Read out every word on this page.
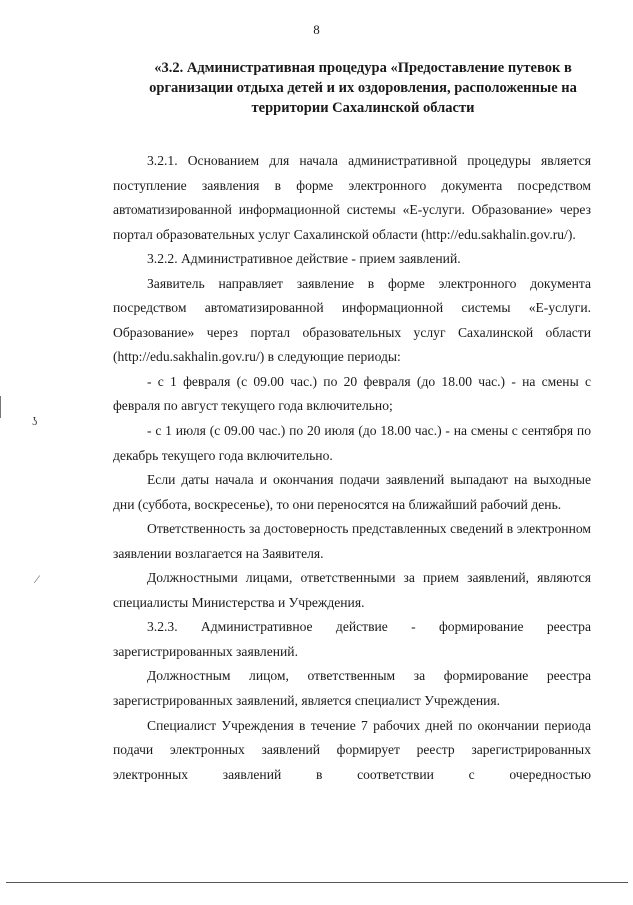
8
«3.2. Административная процедура «Предоставление путевок в организации отдыха детей и их оздоровления, расположенные на территории Сахалинской области

3.2.1. Основанием для начала административной процедуры является поступление заявления в форме электронного документа посредством автоматизированной информационной системы «Е-услуги. Образование» через портал образовательных услуг Сахалинской области (http://edu.sakhalin.gov.ru/).

3.2.2. Административное действие - прием заявлений.

Заявитель направляет заявление в форме электронного документа посредством автоматизированной информационной системы «Е-услуги. Образование» через портал образовательных услуг Сахалинской области (http://edu.sakhalin.gov.ru/) в следующие периоды:

- с 1 февраля (с 09.00 час.) по 20 февраля (до 18.00 час.) - на смены с февраля по август текущего года включительно;

- с 1 июля (с 09.00 час.) по 20 июля (до 18.00 час.) - на смены с сентября по декабрь текущего года включительно.

Если даты начала и окончания подачи заявлений выпадают на выходные дни (суббота, воскресенье), то они переносятся на ближайший рабочий день.

Ответственность за достоверность представленных сведений в электронном заявлении возлагается на Заявителя.

Должностными лицами, ответственными за прием заявлений, являются специалисты Министерства и Учреждения.

3.2.3. Административное действие - формирование реестра зарегистрированных заявлений.

Должностным лицом, ответственным за формирование реестра зарегистрированных заявлений, является специалист Учреждения.

Специалист Учреждения в течение 7 рабочих дней по окончании периода подачи электронных заявлений формирует реестр зарегистрированных электронных заявлений в соответствии с очередностью

ʖ
⁄
